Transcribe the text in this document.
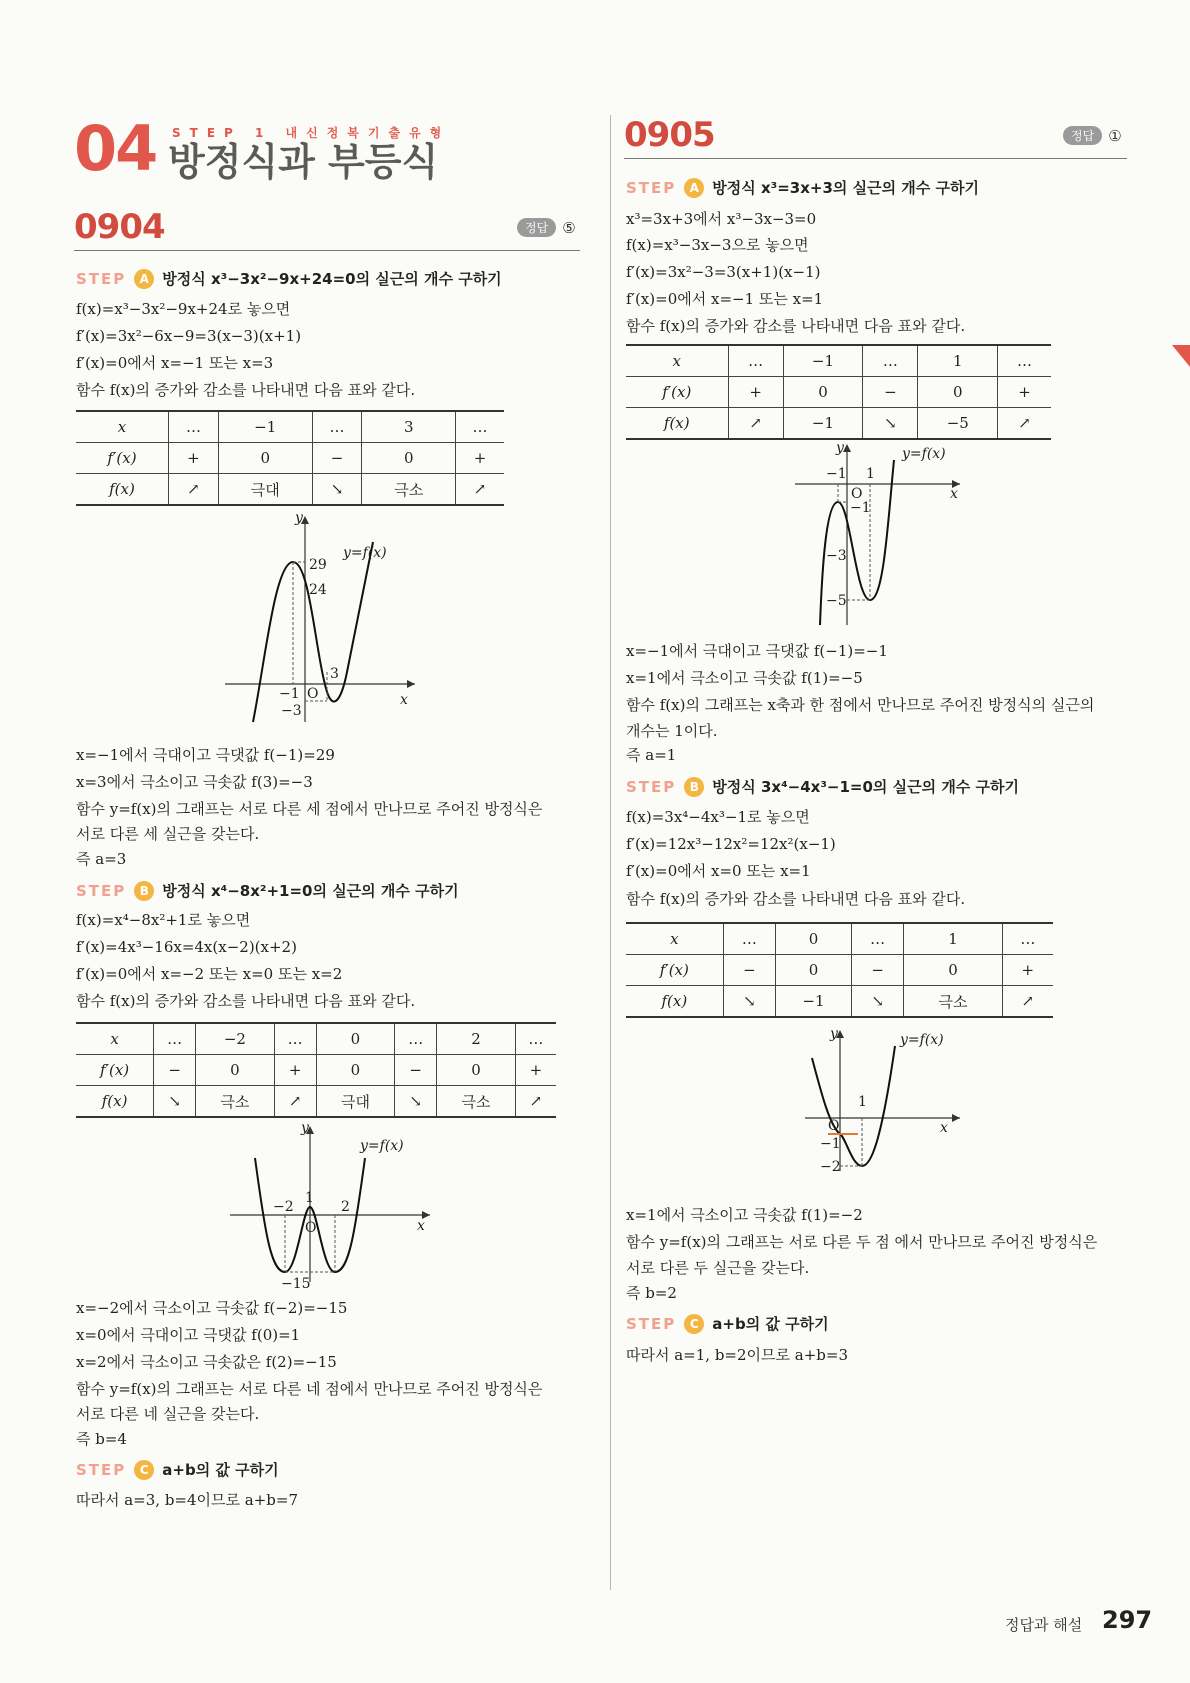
04 STEP 1 내신정복기출유형
방정식과 부등식
0904	정답 ⑤
STEP	A 방정식 x³−3x²−9x+24=0의 실근의 개수 구하기
f(x)=x³−3x²−9x+24로 놓으면
f′(x)=3x²−6x−9=3(x−3)(x+1)
f′(x)=0에서 x=−1 또는 x=3
함수 f(x)의 증가와 감소를 나타내면 다음 표와 같다.
x	…	−1	…	3	…
f′(x)	+	0	−	0	+
f(x)	↗	극대	↘	극소	↗
y
x
O
y=f(x)
29
24
3
−1
−3
x=−1에서 극대이고 극댓값 f(−1)=29
x=3에서 극소이고 극솟값 f(3)=−3
함수 y=f(x)의 그래프는 서로 다른 세 점에서 만나므로 주어진 방정식은
서로 다른 세 실근을 갖는다.
즉 a=3
STEP	B 방정식 x⁴−8x²+1=0의 실근의 개수 구하기
f(x)=x⁴−8x²+1로 놓으면
f′(x)=4x³−16x=4x(x−2)(x+2)
f′(x)=0에서 x=−2 또는 x=0 또는 x=2
함수 f(x)의 증가와 감소를 나타내면 다음 표와 같다.
x	…	−2	…	0	…	2	…
f′(x)	−	0	+	0	−	0	+
f(x)	↘	극소	↗	극대	↘	극소	↗
y
x
O
y=f(x)
1
−2	2
−15
x=−2에서 극소이고 극솟값 f(−2)=−15
x=0에서 극대이고 극댓값 f(0)=1
x=2에서 극소이고 극솟값은 f(2)=−15
함수 y=f(x)의 그래프는 서로 다른 네 점에서 만나므로 주어진 방정식은
서로 다른 네 실근을 갖는다.
즉 b=4
STEP	C a+b의 값 구하기
따라서 a=3, b=4이므로 a+b=7
0905	정답 ①
STEP	A 방정식 x³=3x+3의 실근의 개수 구하기
x³=3x+3에서 x³−3x−3=0
f(x)=x³−3x−3으로 놓으면
f′(x)=3x²−3=3(x+1)(x−1)
f′(x)=0에서 x=−1 또는 x=1
함수 f(x)의 증가와 감소를 나타내면 다음 표와 같다.
x	…	−1	…	1	…
f′(x)	+	0	−	0	+
f(x)	↗	−1	↘	−5	↗
y
x
O
y=f(x)
−1 1
−1
−3
−5
x=−1에서 극대이고 극댓값 f(−1)=−1
x=1에서 극소이고 극솟값 f(1)=−5
함수 f(x)의 그래프는 x축과 한 점에서 만나므로 주어진 방정식의 실근의
개수는 1이다.
즉 a=1
STEP	B 방정식 3x⁴−4x³−1=0의 실근의 개수 구하기
f(x)=3x⁴−4x³−1로 놓으면
f′(x)=12x³−12x²=12x²(x−1)
f′(x)=0에서 x=0 또는 x=1
함수 f(x)의 증가와 감소를 나타내면 다음 표와 같다.
x	…	0	…	1	…
f′(x)	−	0	−	0	+
f(x)	↘	−1	↘	극소	↗
y
x
O
y=f(x)
1
−1
−2
x=1에서 극소이고 극솟값 f(1)=−2
함수 y=f(x)의 그래프는 서로 다른 두 점 에서 만나므로 주어진 방정식은
서로 다른 두 실근을 갖는다.
즉 b=2
STEP	C a+b의 값 구하기
따라서 a=1, b=2이므로 a+b=3
정답과 해설 297
